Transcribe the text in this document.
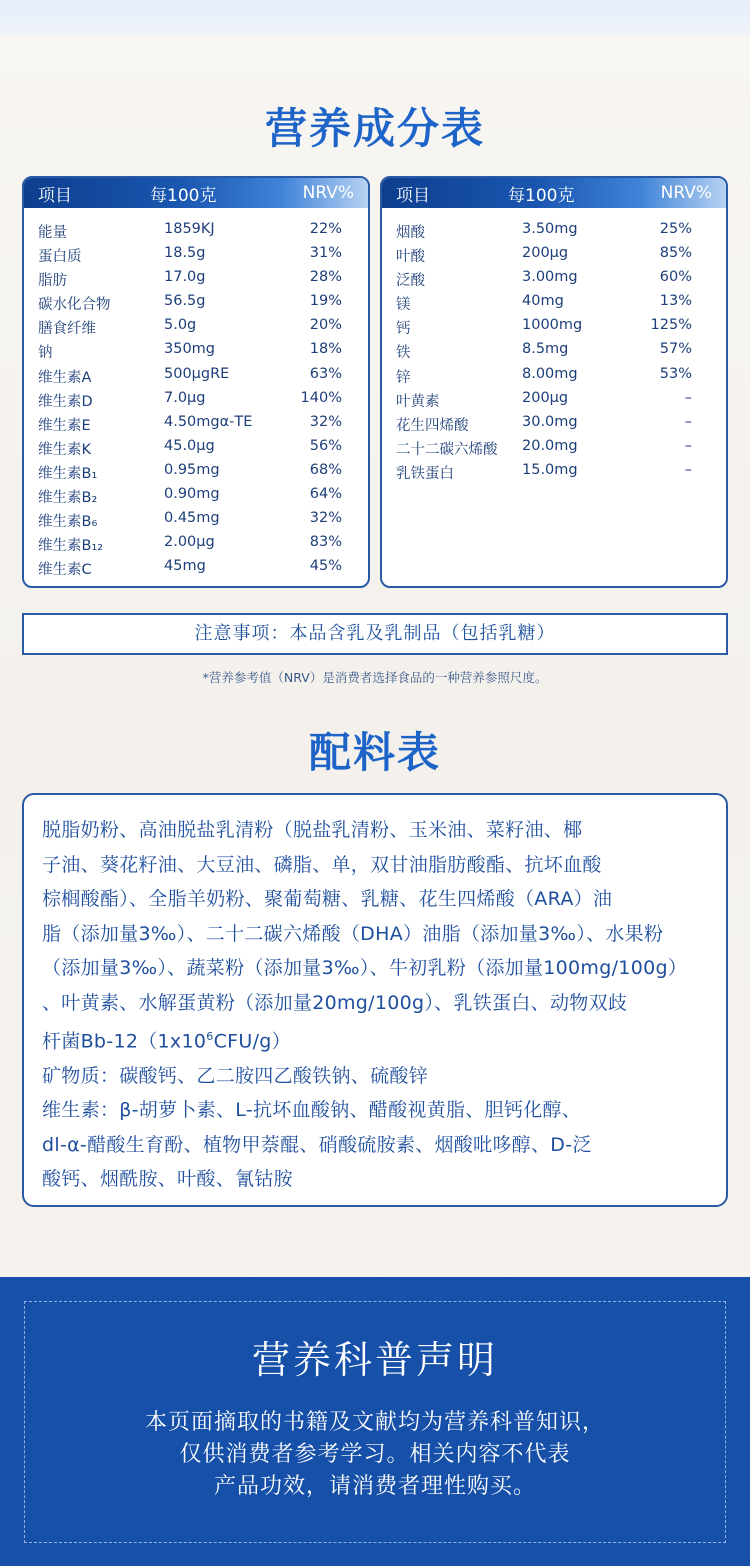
营养成分表
项目	每100克	NRV%
能量	1859KJ	22%
蛋白质	18.5g	31%
脂肪	17.0g	28%
碳水化合物	56.5g	19%
膳食纤维	5.0g	20%
钠	350mg	18%
维生素A	500μgRE	63%
维生素D	7.0μg	140%
维生素E	4.50mgα-TE	32%
维生素K	45.0μg	56%
维生素B₁	0.95mg	68%
维生素B₂	0.90mg	64%
维生素B₆	0.45mg	32%
维生素B₁₂	2.00μg	83%
维生素C	45mg	45%
项目	每100克	NRV%
烟酸	3.50mg	25%
叶酸	200μg	85%
泛酸	3.00mg	60%
镁	40mg	13%
钙	1000mg	125%
铁	8.5mg	57%
锌	8.00mg	53%
叶黄素	200μg	–
花生四烯酸	30.0mg	–
二十二碳六烯酸 20.0mg	–
乳铁蛋白	15.0mg	–
注意事项：本品含乳及乳制品（包括乳糖）
*营养参考值（NRV）是消费者选择食品的一种营养参照尺度。
配料表
脱脂奶粉、高油脱盐乳清粉（脱盐乳清粉、玉米油、菜籽油、椰
子油、葵花籽油、大豆油、磷脂、单，双甘油脂肪酸酯、抗坏血酸
棕榈酸酯）、全脂羊奶粉、聚葡萄糖、乳糖、花生四烯酸（ARA）油
脂（添加量3‰）、二十二碳六烯酸（DHA）油脂（添加量3‰）、水果粉
（添加量3‰）、蔬菜粉（添加量3‰）、牛初乳粉（添加量100mg/100g）
、叶黄素、水解蛋黄粉（添加量20mg/100g）、乳铁蛋白、动物双歧
杆菌$Bb-12(1x10^6CFU/g)$
矿物质：碳酸钙、乙二胺四乙酸铁钠、硫酸锌
维生素：β-胡萝卜素、L-抗坏血酸钠、醋酸视黄脂、胆钙化醇、
dl-α-醋酸生育酚、植物甲萘醌、硝酸硫胺素、烟酸吡哆醇、D-泛
酸钙、烟酰胺、叶酸、氰钴胺
营养科普声明
本页面摘取的书籍及文献均为营养科普知识，
仅供消费者参考学习。相关内容不代表
产品功效，请消费者理性购买。
